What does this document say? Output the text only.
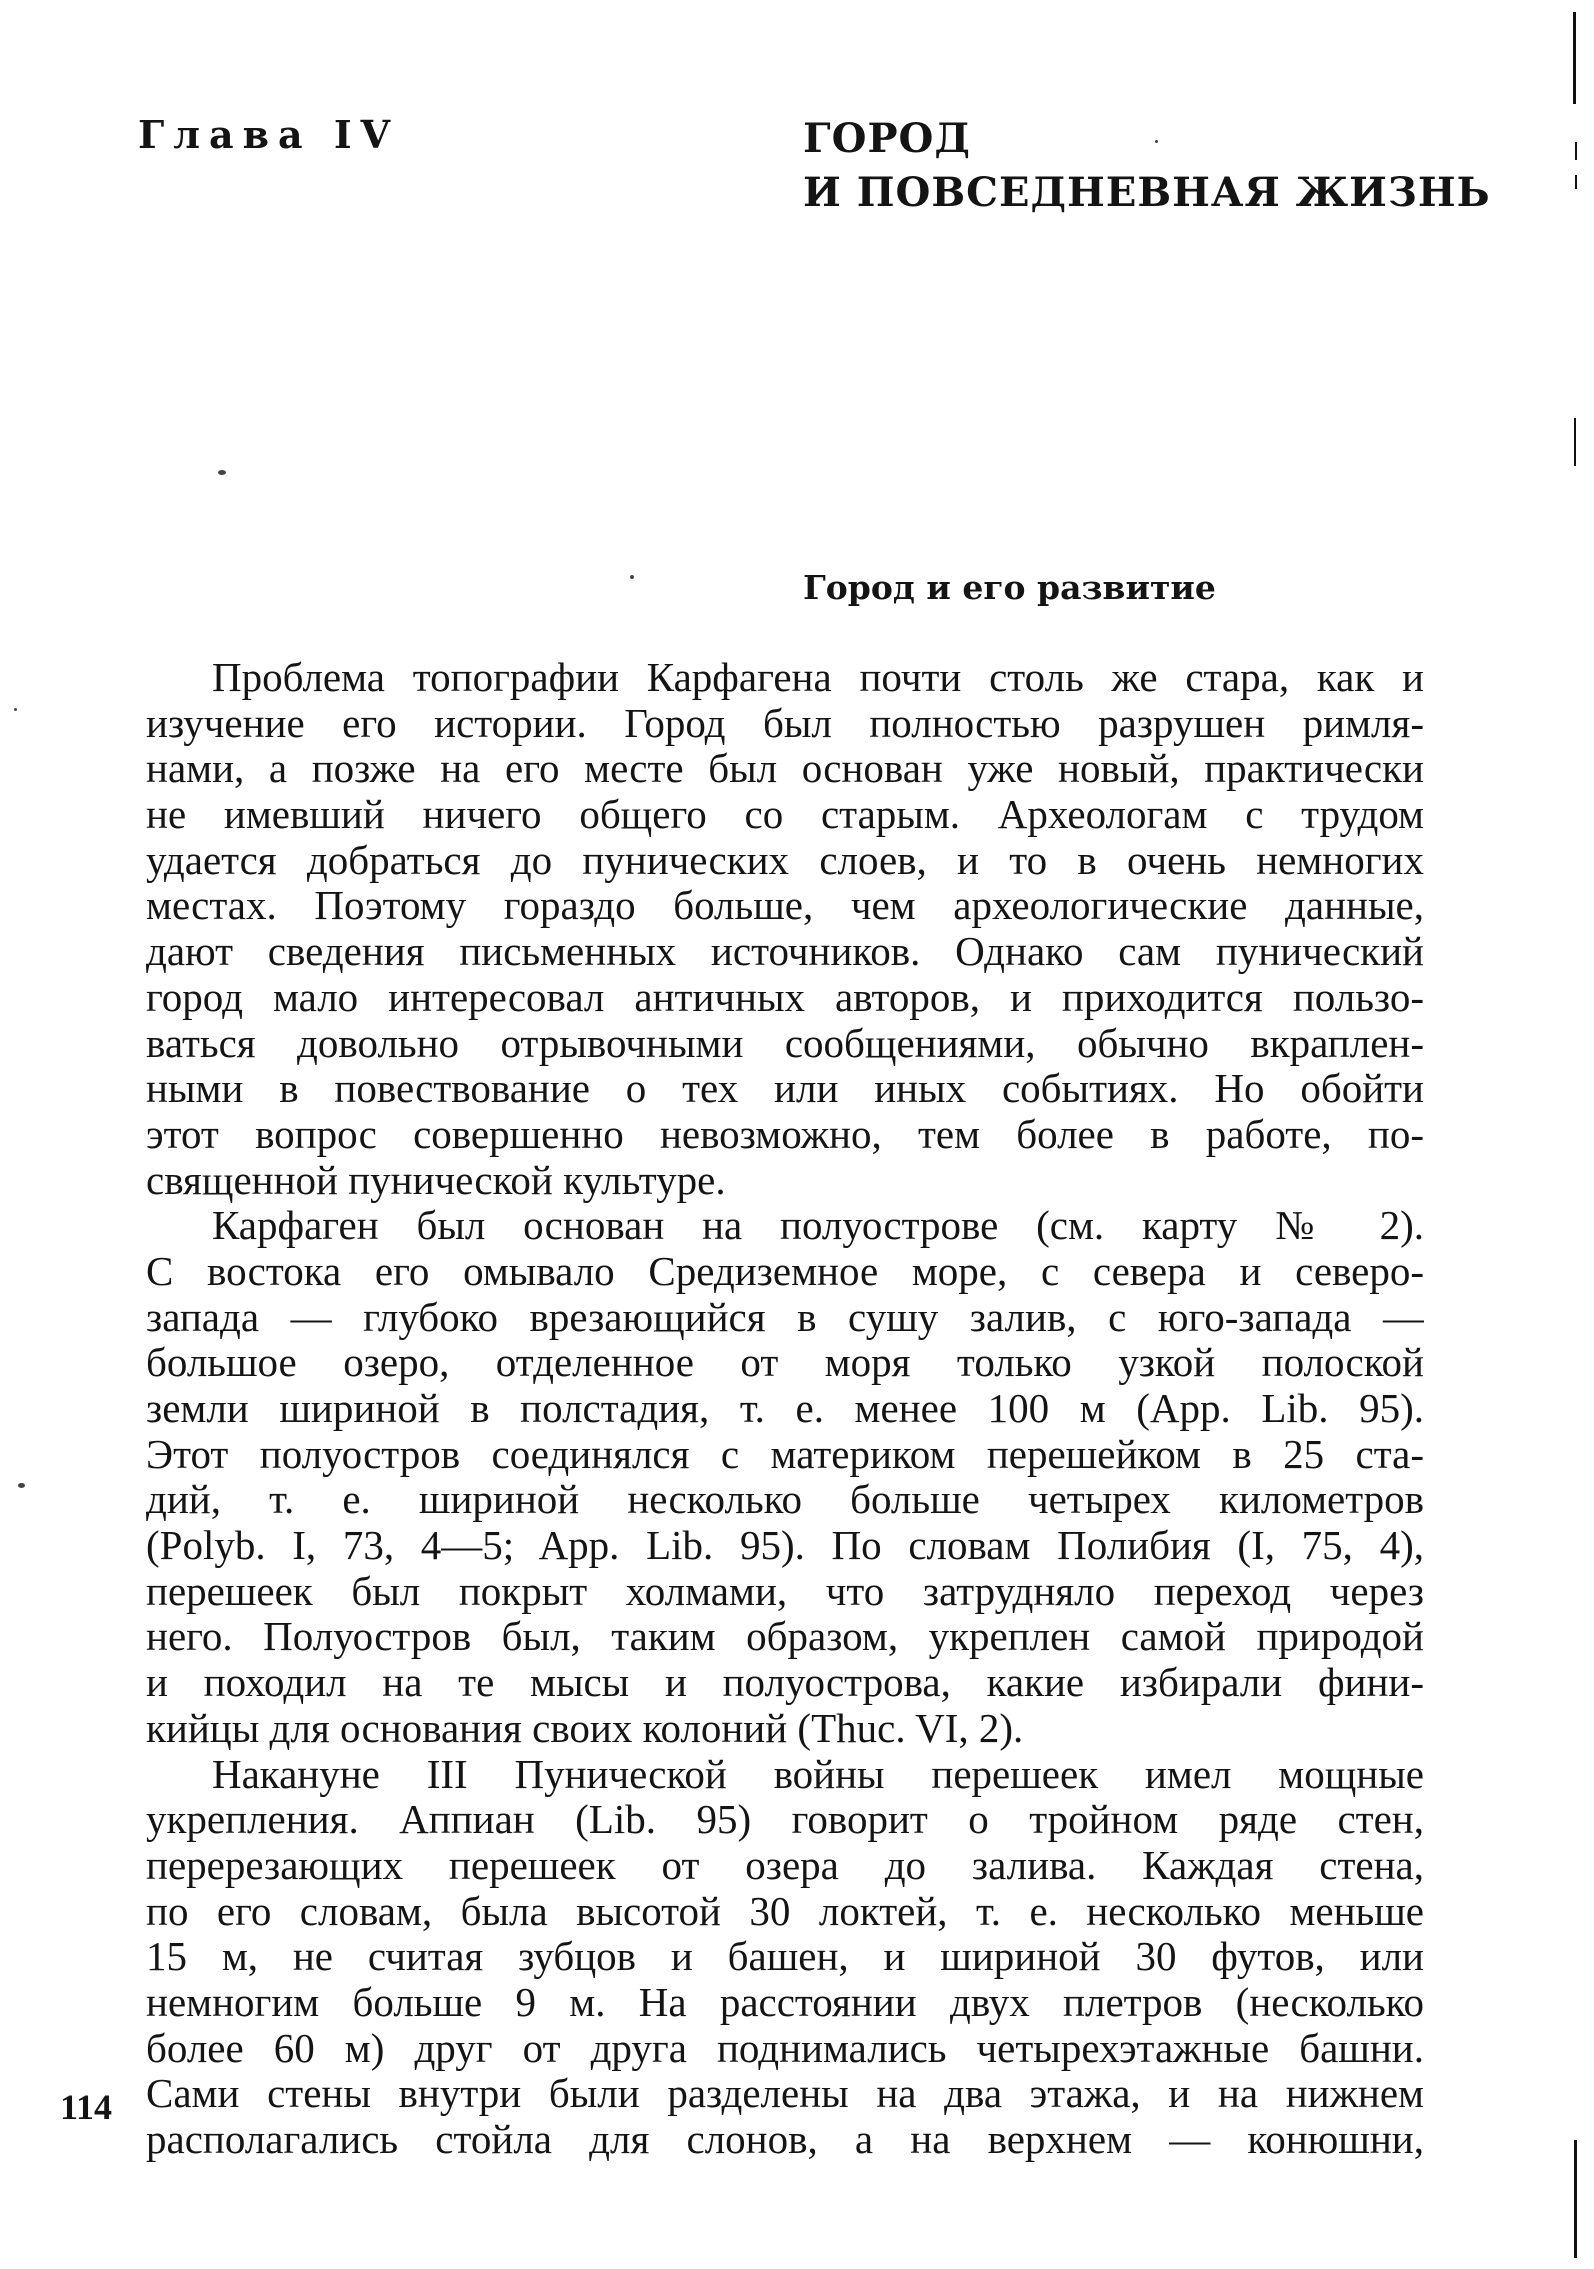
Глава IV	ГОРОД
И ПОВСЕДНЕВНАЯ ЖИЗНЬ
Город и его развитие
Проблема топографии Карфагена почти столь же стара, как и
изучение его истории. Город был полностью разрушен римля-
нами, а позже на его месте был основан уже новый, практически
не имевший ничего общего со старым. Археологам с трудом
удается добраться до пунических слоев, и то в очень немногих
местах. Поэтому гораздо больше, чем археологические данные,
дают сведения письменных источников. Однако сам пунический
город мало интересовал античных авторов, и приходится пользо-
ваться довольно отрывочными сообщениями, обычно вкраплен-
ными в повествование о тех или иных событиях. Но обойти
этот вопрос совершенно невозможно, тем более в работе, по-
священной пунической культуре.
Карфаген был основан на полуострове (см. карту № 2).
С востока его омывало Средиземное море, с севера и северо-
запада — глубоко врезающийся в сушу залив, с юго-запада —
большое озеро, отделенное от моря только узкой полоской
земли шириной в полстадия, т. е. менее 100 м (App. Lib. 95).
Этот полуостров соединялся с материком перешейком в 25 ста-
дий, т. е. шириной несколько больше четырех километров
(Polyb. I, 73, 4—5; App. Lib. 95). По словам Полибия (I, 75, 4),
перешеек был покрыт холмами, что затрудняло переход через
него. Полуостров был, таким образом, укреплен самой природой
и походил на те мысы и полуострова, какие избирали фини-
кийцы для основания своих колоний (Thuc. VI, 2).
Накануне III Пунической войны перешеек имел мощные
укрепления. Аппиан (Lib. 95) говорит о тройном ряде стен,
перерезающих перешеек от озера до залива. Каждая стена,
по его словам, была высотой 30 локтей, т. е. несколько меньше
15 м, не считая зубцов и башен, и шириной 30 футов, или
немногим больше 9 м. На расстоянии двух плетров (несколько
более 60 м) друг от друга поднимались четырехэтажные башни.
Сами стены внутри были разделены на два этажа, и на нижнем
располагались стойла для слонов, а на верхнем — конюшни,
114
